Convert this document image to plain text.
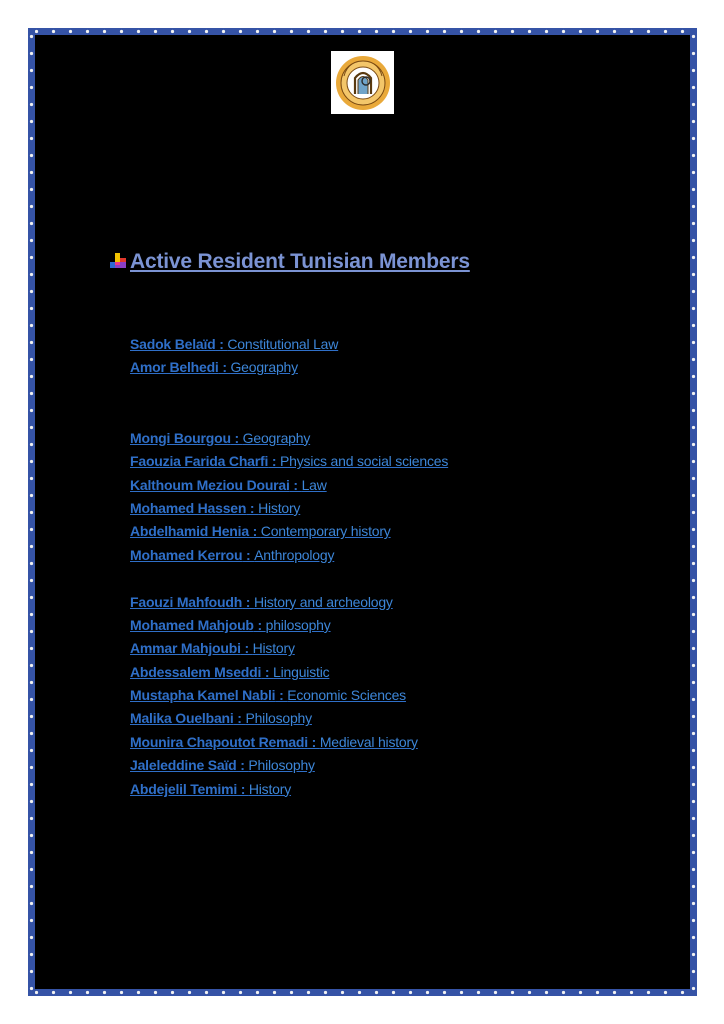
Active Resident Tunisian Members
Sadok Belaïd : Constitutional Law
Amor Belhedi : Geography
Mongi Bourgou : Geography
Faouzia Farida Charfi : Physics and social sciences
Kalthoum Meziou Dourai : Law
Mohamed Hassen : History
Abdelhamid Henia : Contemporary history
Mohamed Kerrou : Anthropology
Faouzi Mahfoudh : History and archeology
Mohamed Mahjoub : philosophy
Ammar Mahjoubi : History
Abdessalem Mseddi : Linguistic
Mustapha Kamel Nabli : Economic Sciences
Malika Ouelbani : Philosophy
Mounira Chapoutot Remadi : Medieval history
Jaleleddine Saïd : Philosophy
Abdejelil Temimi : History
